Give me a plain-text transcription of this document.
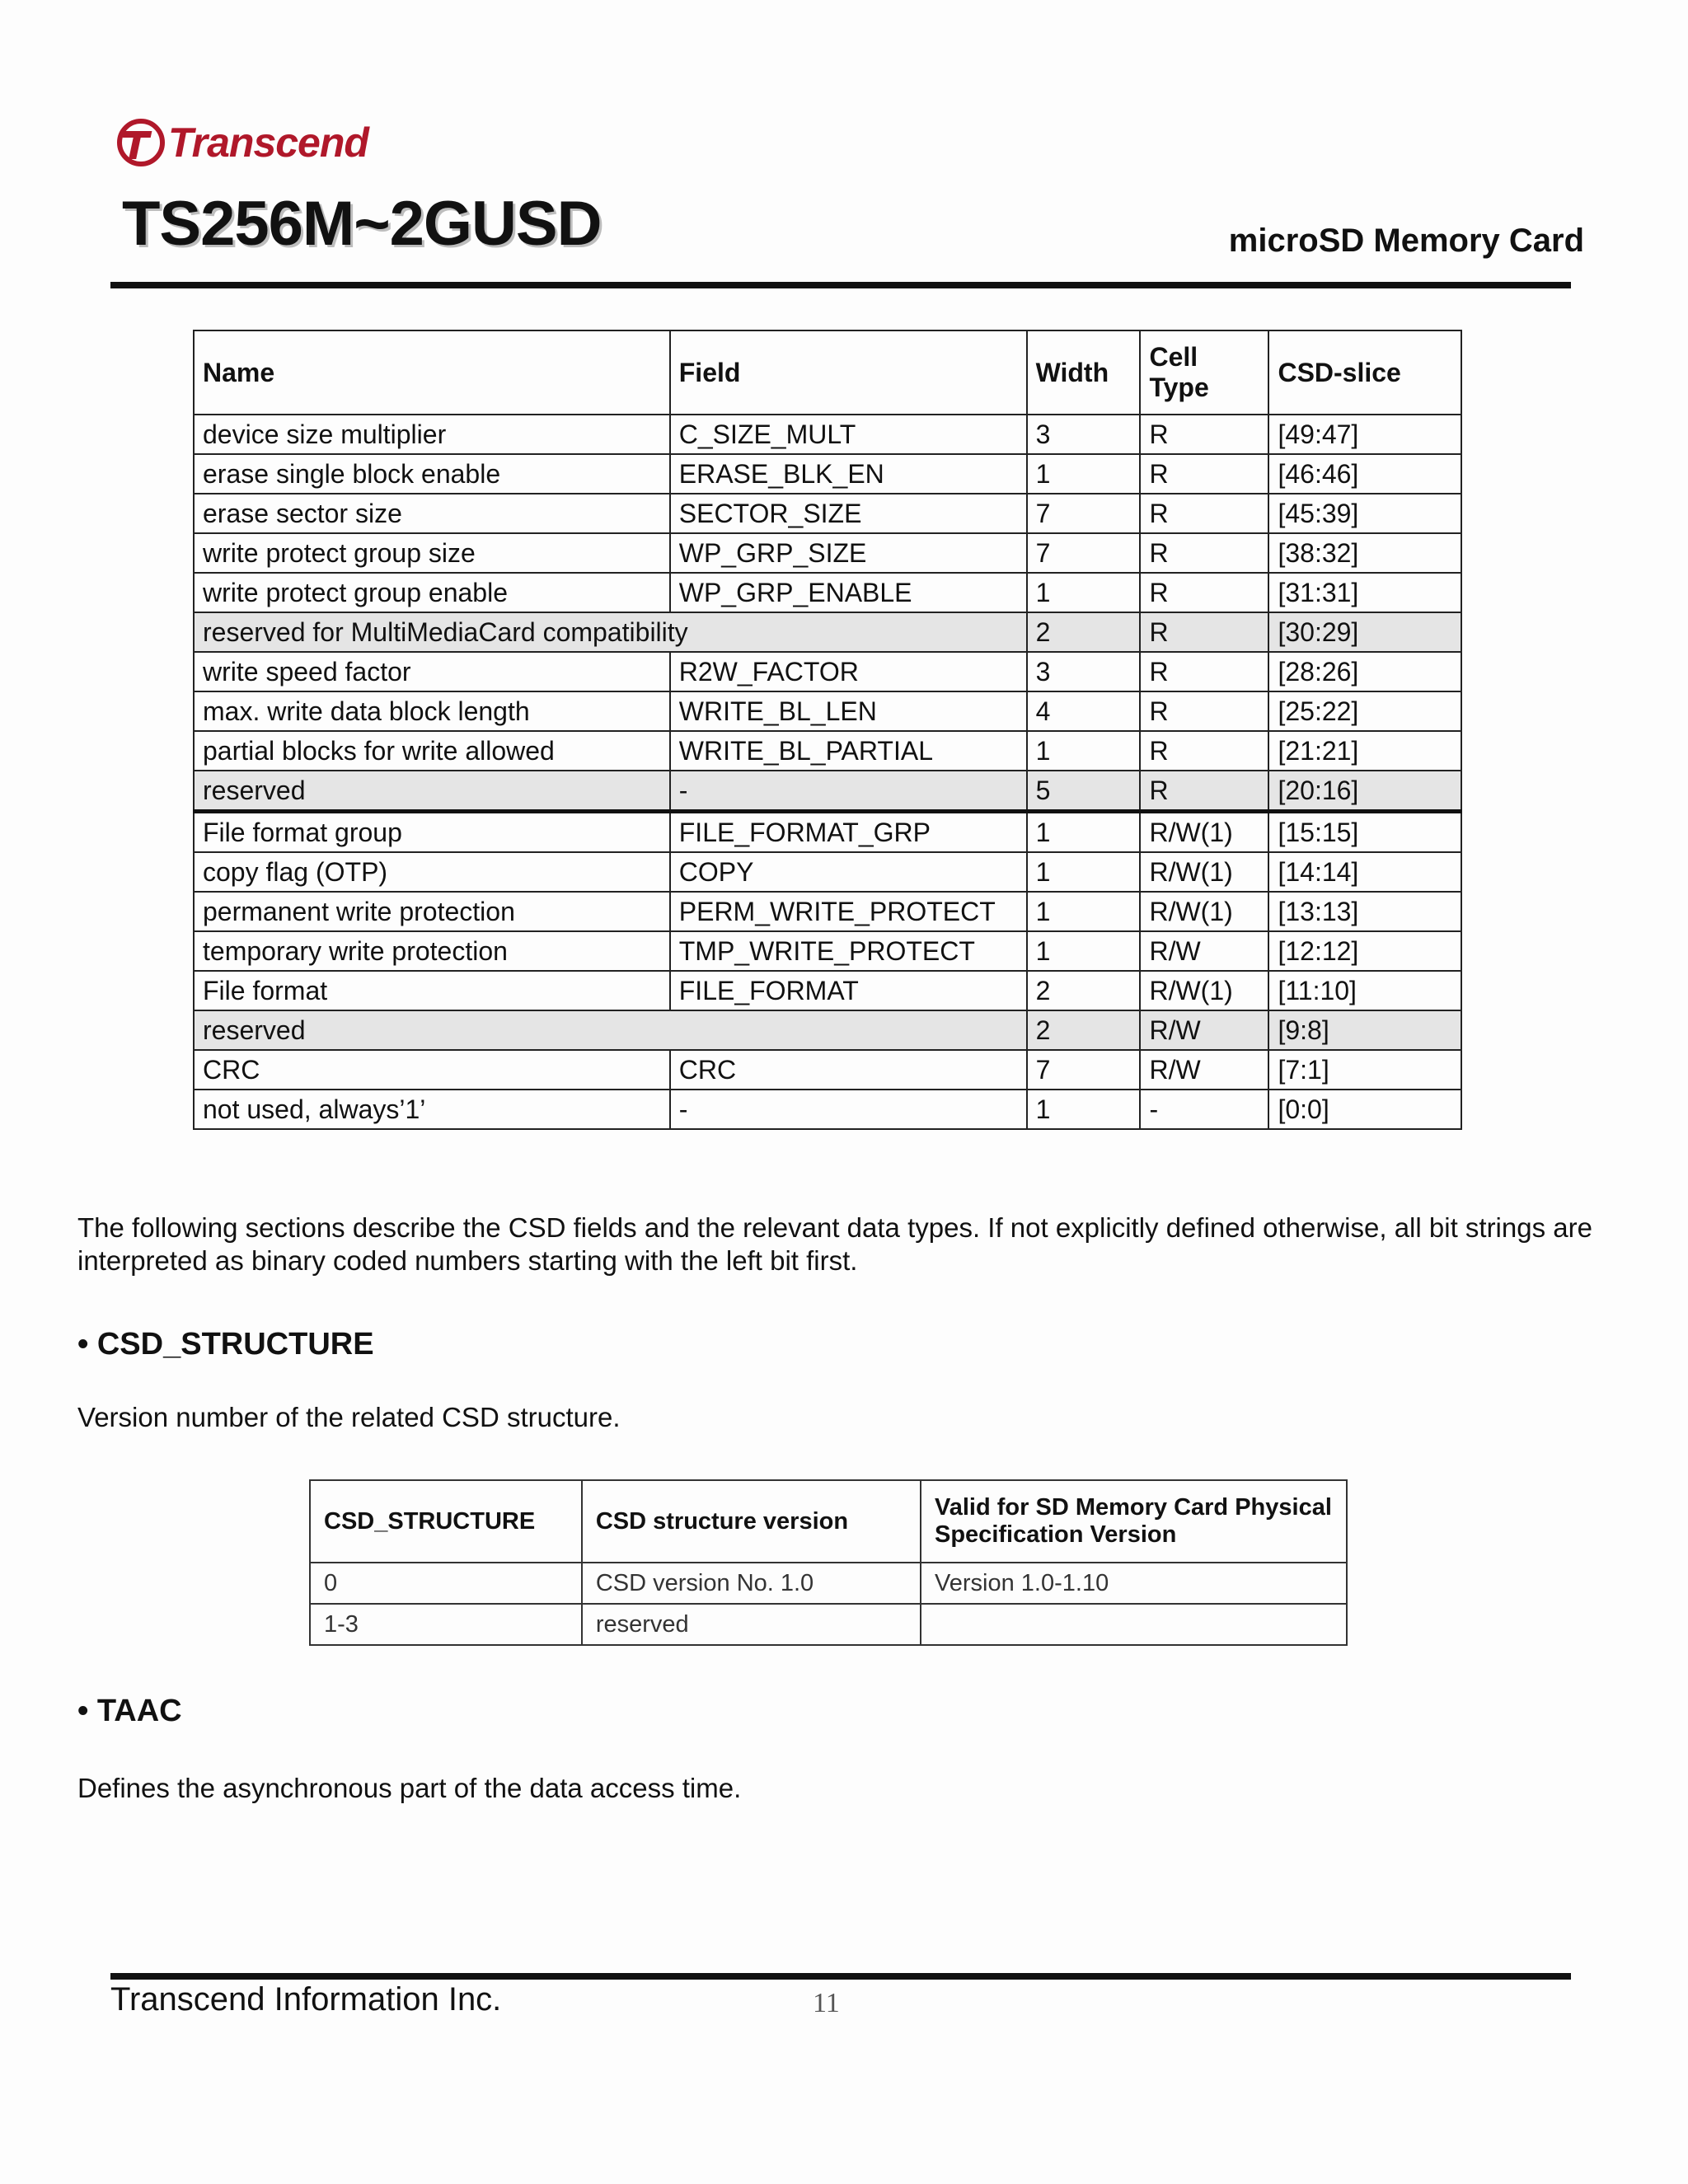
Transcend
TS256M~2GUSD	microSD Memory Card
Name	Field	Width	Cell Type	CSD-slice
device size multiplier	C_SIZE_MULT	3	R	[49:47]
erase single block enable	ERASE_BLK_EN	1	R	[46:46]
erase sector size	SECTOR_SIZE	7	R	[45:39]
write protect group size	WP_GRP_SIZE	7	R	[38:32]
write protect group enable	WP_GRP_ENABLE	1	R	[31:31]
reserved for MultiMediaCard compatibility		2	R	[30:29]
write speed factor	R2W_FACTOR	3	R	[28:26]
max. write data block length	WRITE_BL_LEN	4	R	[25:22]
partial blocks for write allowed	WRITE_BL_PARTIAL	1	R	[21:21]
reserved	-	5	R	[20:16]
File format group	FILE_FORMAT_GRP	1	R/W(1)	[15:15]
copy flag (OTP)	COPY	1	R/W(1)	[14:14]
permanent write protection	PERM_WRITE_PROTECT	1	R/W(1)	[13:13]
temporary write protection	TMP_WRITE_PROTECT	1	R/W	[12:12]
File format	FILE_FORMAT	2	R/W(1)	[11:10]
reserved		2	R/W	[9:8]
CRC	CRC	7	R/W	[7:1]
not used, always’1’	-	1	-	[0:0]
The following sections describe the CSD fields and the relevant data types. If not explicitly defined otherwise, all bit strings are interpreted as binary coded numbers starting with the left bit first.
• CSD_STRUCTURE
Version number of the related CSD structure.
CSD_STRUCTURE	CSD structure version	Valid for SD Memory Card Physical Specification Version
0	CSD version No. 1.0	Version 1.0-1.10
1-3	reserved	
• TAAC
Defines the asynchronous part of the data access time.
Transcend Information Inc.	11
